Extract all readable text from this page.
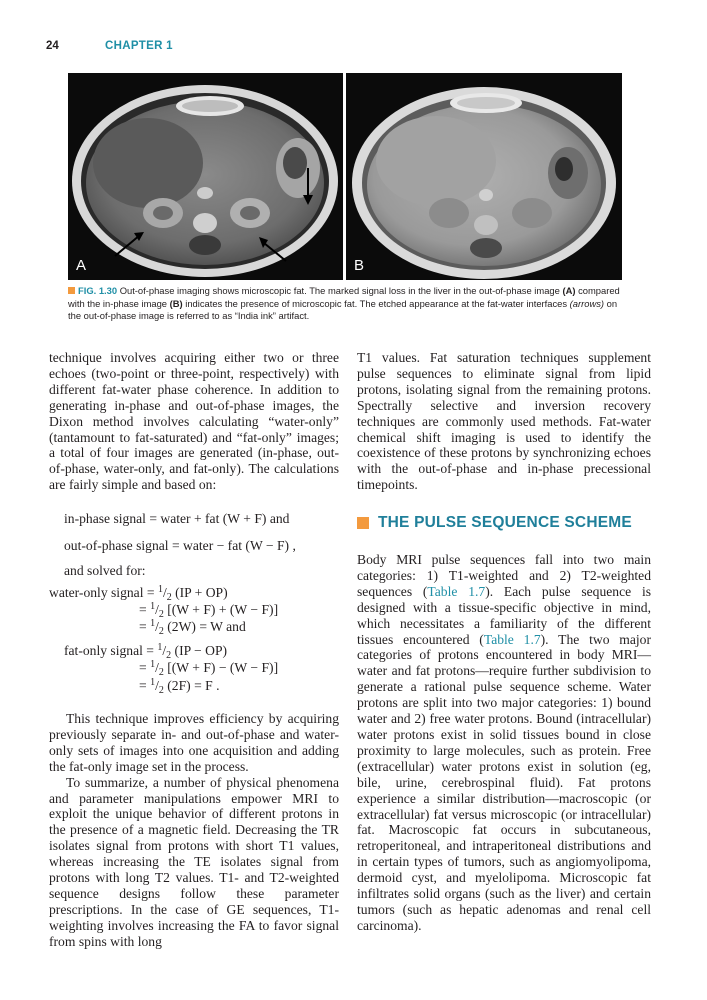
24	CHAPTER 1
A	B
FIG. 1.30 Out-of-phase imaging shows microscopic fat. The marked signal loss in the liver in the out-of-phase image (A) compared with the in-phase image (B) indicates the presence of microscopic fat. The etched appearance at the fat-water interfaces (arrows) on the out-of-phase image is referred to as “India ink” artifact.

technique involves acquiring either two or three echoes (two-point or three-point, respectively) with different fat-water phase coherence. In addition to generating in-phase and out-of-phase images, the Dixon method involves calculating “water-only” (tantamount to fat-saturated) and “fat-only” images; a total of four images are generated (in-phase, out-of-phase, water-only, and fat-only). The calculations are fairly simple and based on:

in-phase signal = water + fat (W + F) and
out-of-phase signal = water − fat (W − F) ,
and solved for:
water-only signal = $^1/_2$ (IP + OP)
= $^1/_2$ [(W + F) + (W − F)]
= $^1/_2$ (2W) = W and
fat-only signal = $^1/_2$ (IP − OP)
= $^1/_2$ [(W + F) − (W − F)]
= $^1/_2$ (2F) = F .

This technique improves efficiency by acquiring previously separate in- and out-of-phase and water-only sets of images into one acquisition and adding the fat-only image set in the process.

To summarize, a number of physical phenomena and parameter manipulations empower MRI to exploit the unique behavior of different protons in the presence of a magnetic field. Decreasing the TR isolates signal from protons with short T1 values, whereas increasing the TE isolates signal from protons with long T2 values. T1- and T2-weighted sequence designs follow these parameter prescriptions. In the case of GE sequences, T1-weighting involves increasing the FA to favor signal from spins with long

T1 values. Fat saturation techniques supplement pulse sequences to eliminate signal from lipid protons, isolating signal from the remaining protons. Spectrally selective and inversion recovery techniques are commonly used methods. Fat-water chemical shift imaging is used to identify the coexistence of these protons by synchronizing echoes with the out-of-phase and in-phase precessional timepoints.

THE PULSE SEQUENCE SCHEME

Body MRI pulse sequences fall into two main categories: 1) T1-weighted and 2) T2-weighted sequences (Table 1.7). Each pulse sequence is designed with a tissue-specific objective in mind, which necessitates a familiarity of the different tissues encountered (Table 1.7). The two major categories of protons encountered in body MRI—water and fat protons—require further subdivision to generate a rational pulse sequence scheme. Water protons are split into two major categories: 1) bound water and 2) free water protons. Bound (intracellular) water protons exist in solid tissues bound in close proximity to large molecules, such as protein. Free (extracellular) water protons exist in solution (eg, bile, urine, cerebrospinal fluid). Fat protons experience a similar distribution—macroscopic (or extracellular) fat versus microscopic (or intracellular) fat. Macroscopic fat occurs in subcutaneous, retroperitoneal, and intraperitoneal distributions and in certain types of tumors, such as angiomyolipoma, dermoid cyst, and myelolipoma. Microscopic fat infiltrates solid organs (such as the liver) and certain tumors (such as hepatic adenomas and renal cell carcinoma).
